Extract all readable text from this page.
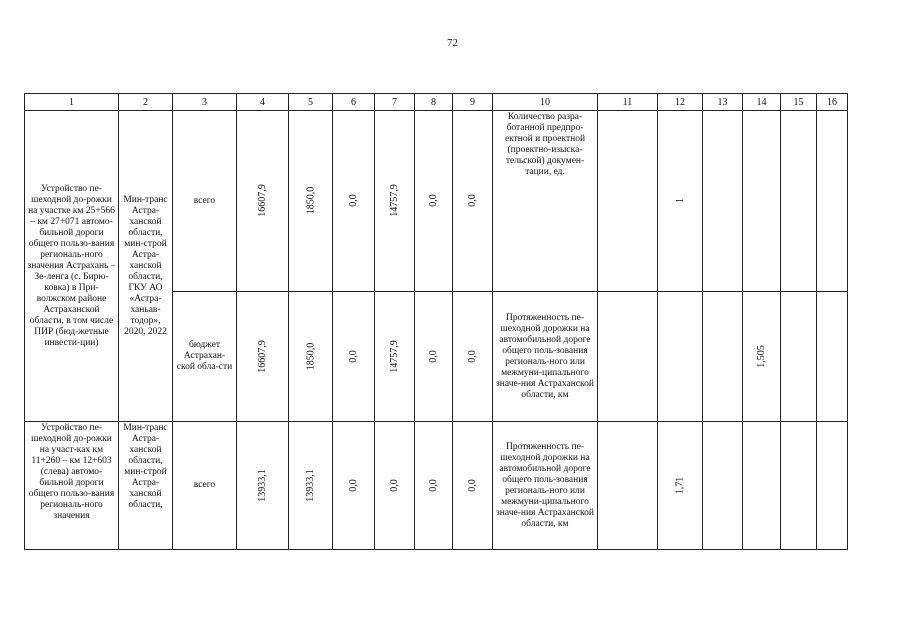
72
1	2	3	4	5	6	7	8	9	10	11	12	13	14	15	16
Устройство пе-шеходной до-рожки на участке км 25+566 – км 27+071 автомо-бильной дороги общего пользо-вания региональ-ного значения Астрахань – Зе-ленга (с. Бирю-ковка) в При-волжском районе Астраханской области, в том числе ПИР (бюд-жетные инвести-ции)	Мин-транс Астра-ханской области, мин-строй Астра-ханской области, ГКУ АО «Астра-ханьав-тодор», 2020, 2022	всего	16607,9	1850,0	0,0	14757,9	0,0	0,0	Количество разра-ботанной предпро-ектной и проектной (проектно-изыска-тельской) докумен-тации, ед.		1				
		бюджет Астрахан-ской обла-сти	16607,9	1850,0	0,0	14757,9	0,0	0,0	Протяженность пе-шеходной дорожки на автомобильной дороге общего поль-зования региональ-ного или межмуни-ципального значе-ния Астраханской области, км				1,505		
Устройство пе-шеходной до-рожки на участ-ках км 11+260 – км 12+603 (слева) автомо-бильной дороги общего пользо-вания региональ-ного значения	Мин-транс Астра-ханской области, мин-строй Астра-ханской области,	всего	13933,1	13933,1	0,0	0,0	0,0	0,0	Протяженность пе-шеходной дорожки на автомобильной дороге общего поль-зования региональ-ного или межмуни-ципального значе-ния Астраханской области, км		1,71				
